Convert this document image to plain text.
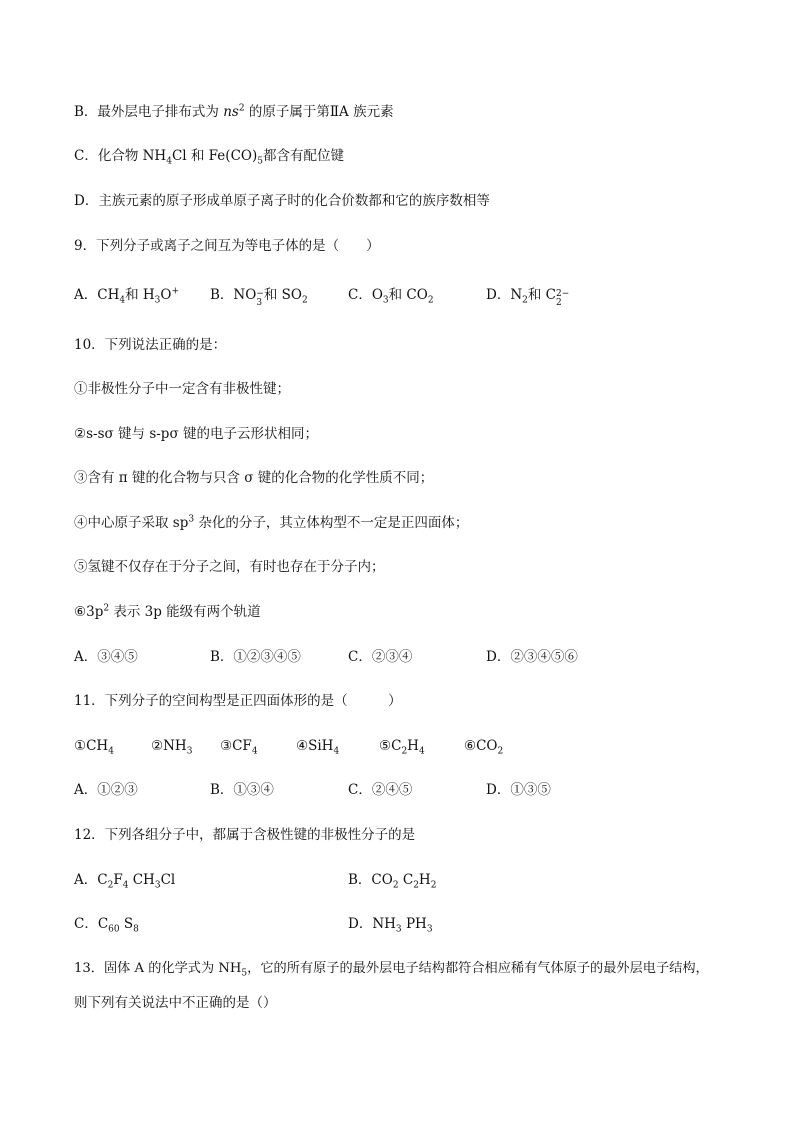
B．最外层电子排布式为 $ns^2$ 的原子属于第ⅡA 族元素
C．化合物 $NH_4Cl$ 和 $Fe(CO)_5$都含有配位键
D．主族元素的原子形成单原子离子时的化合价数都和它的族序数相等
9．下列分子或离子之间互为等电子体的是（　　）
A．$CH_4$和 $H_3O^+$ B．NO −
3 和 $SO_2$	C．$O_3$和 $CO_2$	D．$N_2$和 C 2−
2
10．下列说法正确的是：
①非极性分子中一定含有非极性键；
②s-sσ 键与 s-pσ 键的电子云形状相同；
③含有 π 键的化合物与只含 σ 键的化合物的化学性质不同；
④中心原子采取 $sp^3$ 杂化的分子，其立体构型不一定是正四面体；
⑤氢键不仅存在于分子之间，有时也存在于分子内；
$⑥3p^2$ 表示 3p 能级有两个轨道
A．③④⑤	B．①②③④⑤	C．②③④	D．②③④⑤⑥
11．下列分子的空间构型是正四面体形的是（　　　）
$①CH_4$	$②NH_3$ $③CF_4$	④SiH$_4$	$⑤C_2H_4$	$⑥CO_2$
A．①②③	B．①③④	C．②④⑤	D．①③⑤
12．下列各组分子中，都属于含极性键的非极性分子的是
A．$C_2F_4$ $CH_3Cl$	B．$CO_2$ $C_2H_2$
C．$C_{60}$ $S_8$	D．$NH_3$ $PH_3$
13．固体 A 的化学式为 $NH_5$，它的所有原子的最外层电子结构都符合相应稀有气体原子的最外层电子结构，
则下列有关说法中不正确的是（）
